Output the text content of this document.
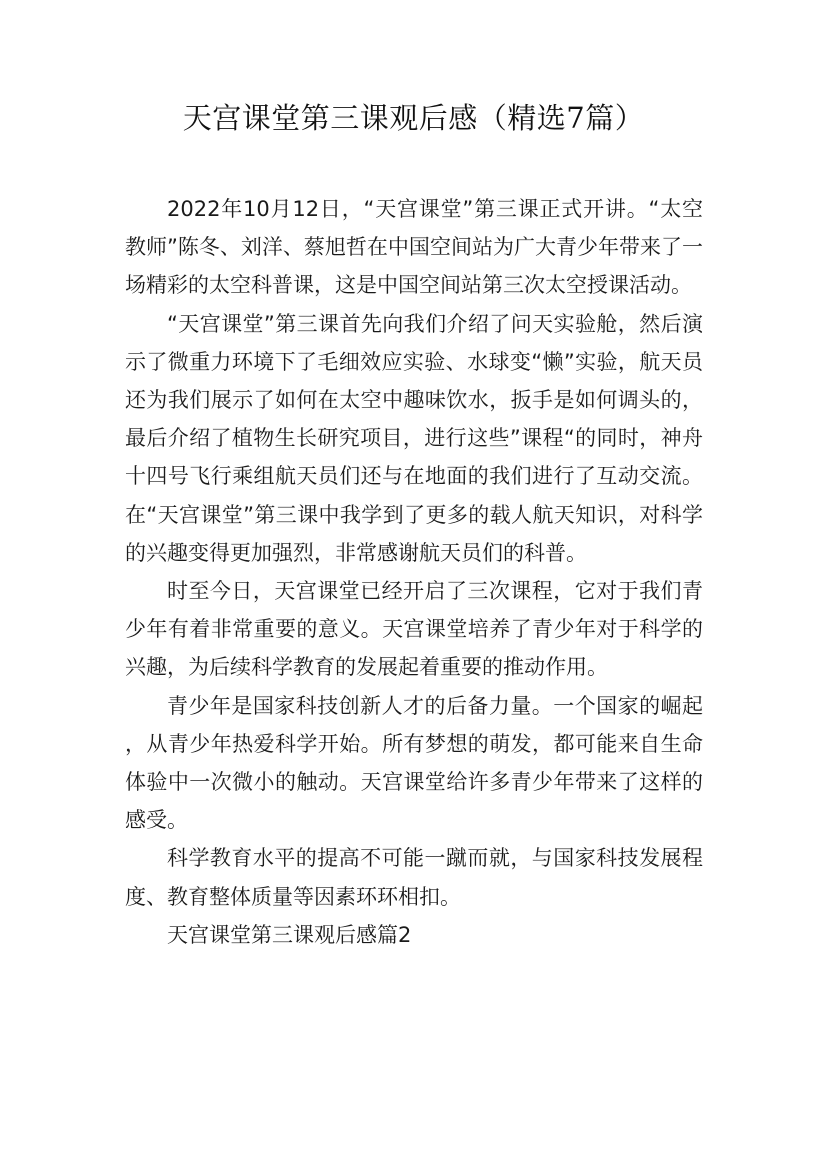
天宫课堂第三课观后感（精选7篇）

2022年10月12日，“天宫课堂”第三课正式开讲。“太空教师”陈冬、刘洋、蔡旭哲在中国空间站为广大青少年带来了一场精彩的太空科普课，这是中国空间站第三次太空授课活动。

“天宫课堂”第三课首先向我们介绍了问天实验舱，然后演示了微重力环境下了毛细效应实验、水球变“懒”实验，航天员还为我们展示了如何在太空中趣味饮水，扳手是如何调头的，最后介绍了植物生长研究项目，进行这些”课程“的同时，神舟十四号飞行乘组航天员们还与在地面的我们进行了互动交流。在“天宫课堂”第三课中我学到了更多的载人航天知识，对科学的兴趣变得更加强烈，非常感谢航天员们的科普。

时至今日，天宫课堂已经开启了三次课程，它对于我们青少年有着非常重要的意义。天宫课堂培养了青少年对于科学的兴趣，为后续科学教育的发展起着重要的推动作用。

青少年是国家科技创新人才的后备力量。一个国家的崛起，从青少年热爱科学开始。所有梦想的萌发，都可能来自生命体验中一次微小的触动。天宫课堂给许多青少年带来了这样的感受。

科学教育水平的提高不可能一蹴而就，与国家科技发展程度、教育整体质量等因素环环相扣。

天宫课堂第三课观后感篇2
